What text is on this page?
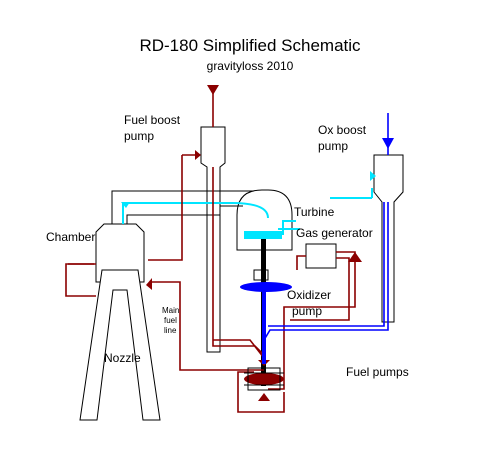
RD-180 Simplified Schematic
gravityloss 2010
Fuel boost pump	Ox boost pump
Turbine
Gas generator
Chamber
Oxidizer pump
Main fuel line
Nozzle
Fuel pumps
